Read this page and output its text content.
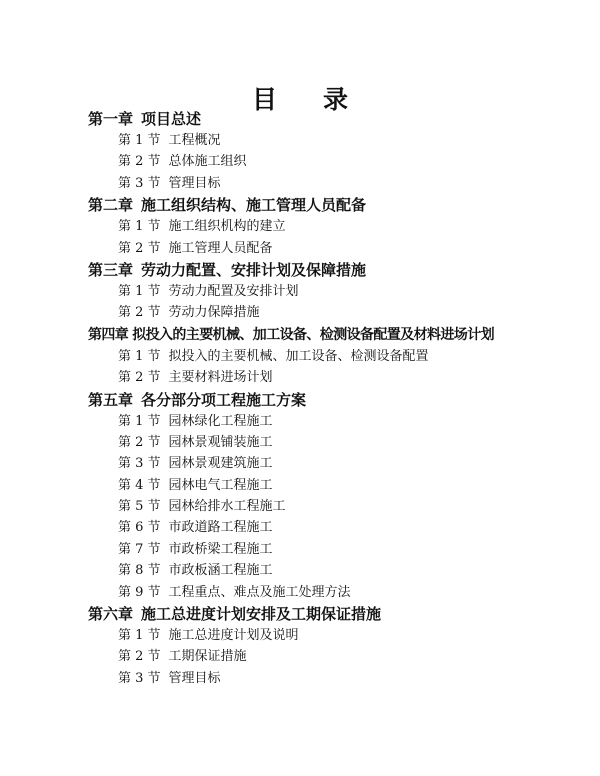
目 录
第一章 项目总述
第 1 节 工程概况
第 2 节 总体施工组织
第 3 节 管理目标
第二章 施工组织结构、施工管理人员配备
第 1 节 施工组织机构的建立
第 2 节 施工管理人员配备
第三章 劳动力配置、安排计划及保障措施
第 1 节 劳动力配置及安排计划
第 2 节 劳动力保障措施
第四章 拟投入的主要机械、加工设备、检测设备配置及材料进场计划
第 1 节 拟投入的主要机械、加工设备、检测设备配置
第 2 节 主要材料进场计划
第五章 各分部分项工程施工方案
第 1 节 园林绿化工程施工
第 2 节 园林景观铺装施工
第 3 节 园林景观建筑施工
第 4 节 园林电气工程施工
第 5 节 园林给排水工程施工
第 6 节 市政道路工程施工
第 7 节 市政桥梁工程施工
第 8 节 市政板涵工程施工
第 9 节 工程重点、难点及施工处理方法
第六章 施工总进度计划安排及工期保证措施
第 1 节 施工总进度计划及说明
第 2 节 工期保证措施
第 3 节 管理目标
